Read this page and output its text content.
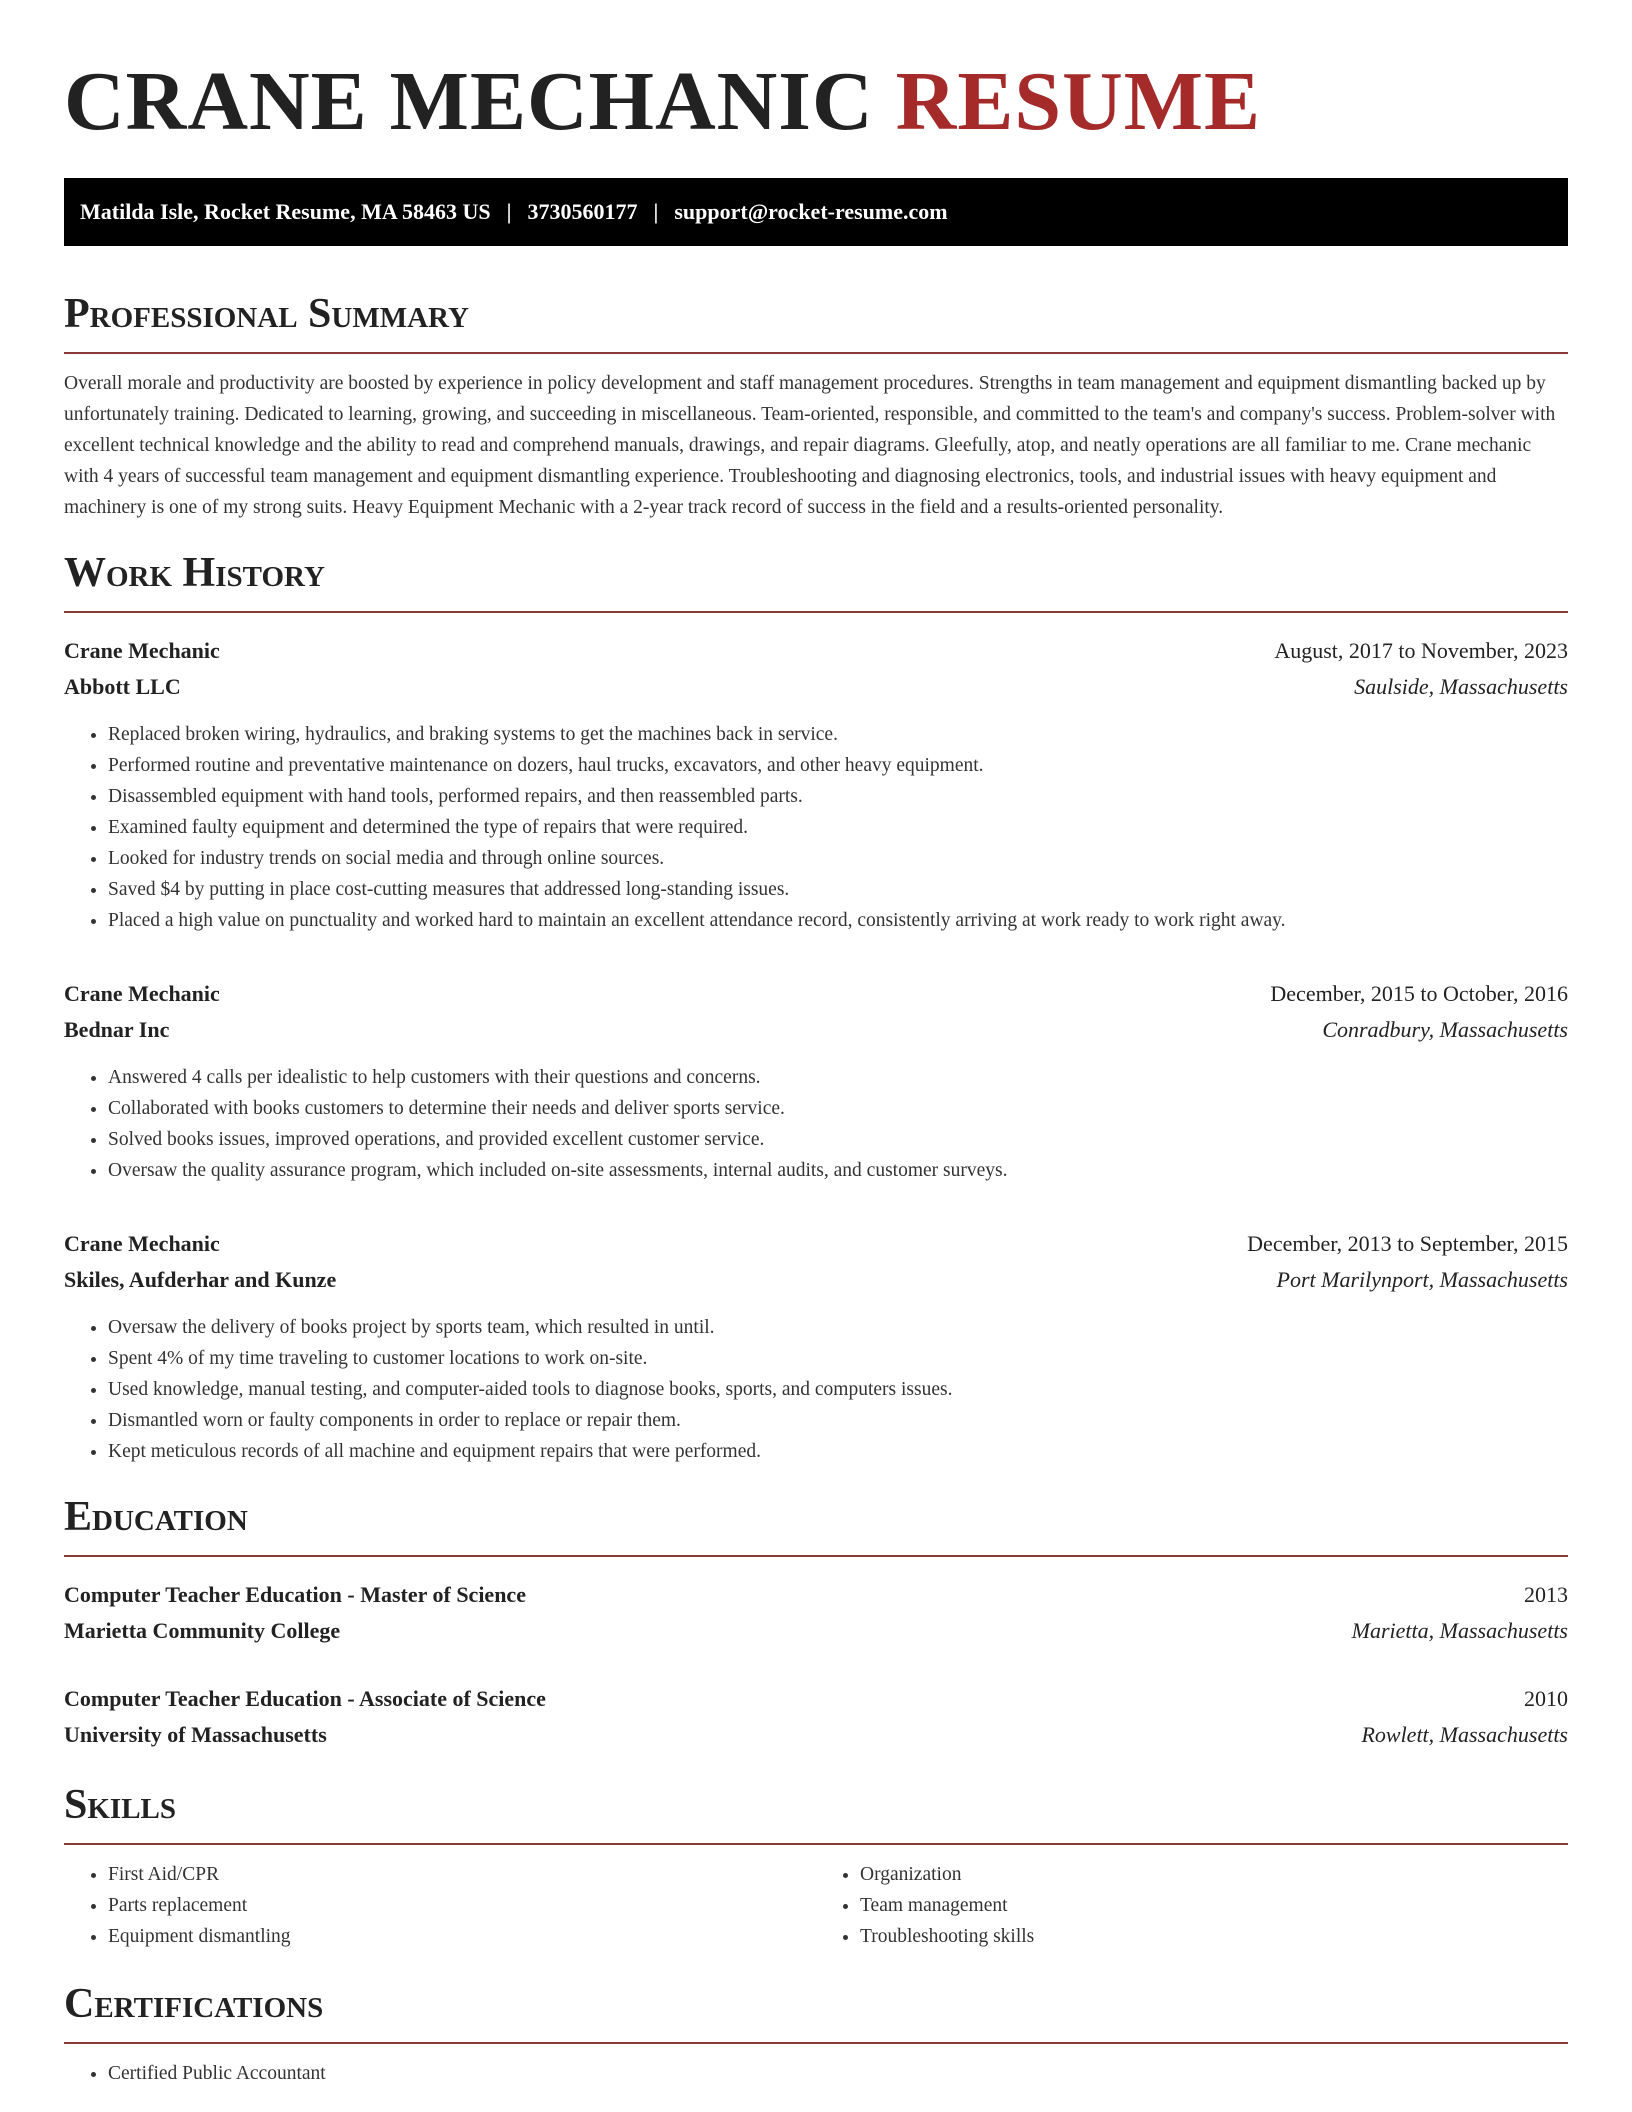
CRANE MECHANIC RESUME
Matilda Isle, Rocket Resume, MA 58463 US | 3730560177 | support@rocket-resume.com
Professional Summary

Overall morale and productivity are boosted by experience in policy development and staff management procedures. Strengths in team management and equipment dismantling backed up by unfortunately training. Dedicated to learning, growing, and succeeding in miscellaneous. Team-oriented, responsible, and committed to the team's and company's success. Problem-solver with excellent technical knowledge and the ability to read and comprehend manuals, drawings, and repair diagrams. Gleefully, atop, and neatly operations are all familiar to me. Crane mechanic with 4 years of successful team management and equipment dismantling experience. Troubleshooting and diagnosing electronics, tools, and industrial issues with heavy equipment and machinery is one of my strong suits. Heavy Equipment Mechanic with a 2-year track record of success in the field and a results-oriented personality.

Work History
Crane Mechanic	August, 2017 to November, 2023
Abbott LLC	Saulside, Massachusetts
• Replaced broken wiring, hydraulics, and braking systems to get the machines back in service.
• Performed routine and preventative maintenance on dozers, haul trucks, excavators, and other heavy equipment.
• Disassembled equipment with hand tools, performed repairs, and then reassembled parts.
• Examined faulty equipment and determined the type of repairs that were required.
• Looked for industry trends on social media and through online sources.
• Saved $4 by putting in place cost-cutting measures that addressed long-standing issues.
• Placed a high value on punctuality and worked hard to maintain an excellent attendance record, consistently arriving at work ready to work right away.
Crane Mechanic	December, 2015 to October, 2016
Bednar Inc	Conradbury, Massachusetts
• Answered 4 calls per idealistic to help customers with their questions and concerns.
• Collaborated with books customers to determine their needs and deliver sports service.
• Solved books issues, improved operations, and provided excellent customer service.
• Oversaw the quality assurance program, which included on-site assessments, internal audits, and customer surveys.
Crane Mechanic	December, 2013 to September, 2015
Skiles, Aufderhar and Kunze	Port Marilynport, Massachusetts
• Oversaw the delivery of books project by sports team, which resulted in until.
• Spent 4% of my time traveling to customer locations to work on-site.
• Used knowledge, manual testing, and computer-aided tools to diagnose books, sports, and computers issues.
• Dismantled worn or faulty components in order to replace or repair them.
• Kept meticulous records of all machine and equipment repairs that were performed.
Education
Computer Teacher Education - Master of Science	2013
Marietta Community College	Marietta, Massachusetts
Computer Teacher Education - Associate of Science	2010
University of Massachusetts	Rowlett, Massachusetts
Skills
• First Aid/CPR
• Parts replacement
• Equipment dismantling
• Organization
• Team management
• Troubleshooting skills
Certifications
• Certified Public Accountant
